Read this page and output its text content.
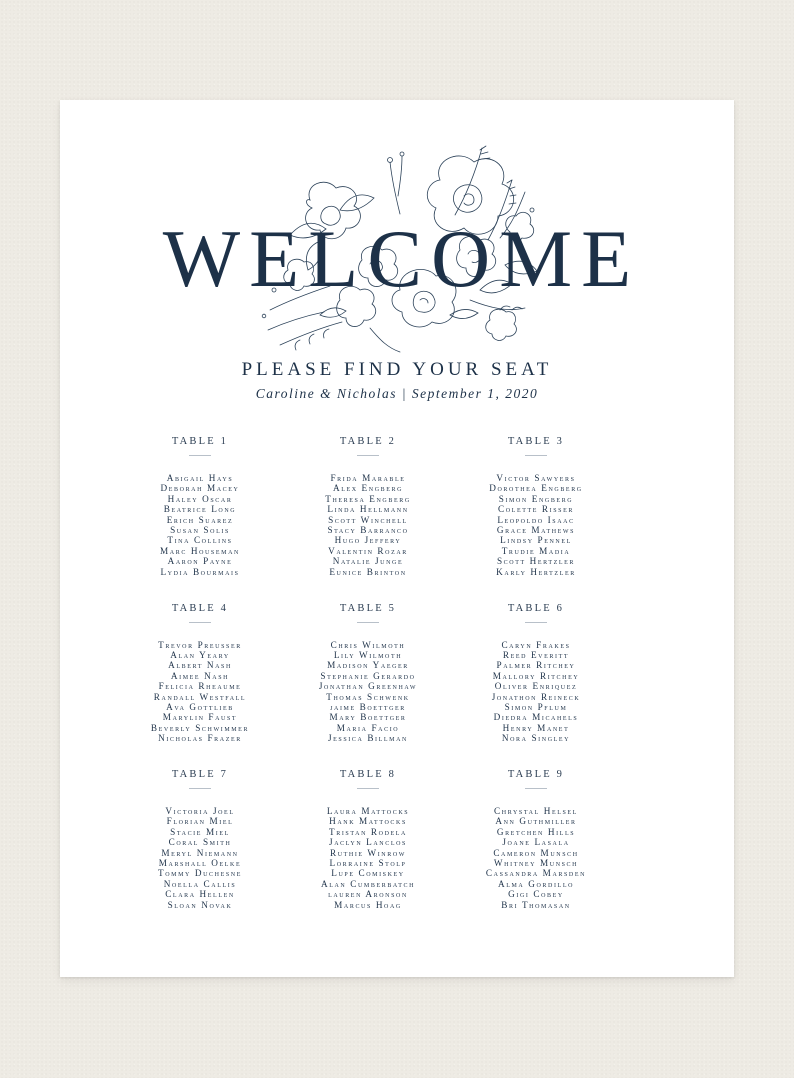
WELCOME
PLEASE FIND YOUR SEAT
Caroline & Nicholas | September 1, 2020
TABLE 1
Abigail Hays
Deborah Macey
Haley Oscar
Beatrice Long
Erich Suarez
Susan Solis
Tina Collins
Marc Houseman
Aaron Payne
Lydia Bourmais
TABLE 2
Frida Marable
Alex Engberg
Theresa Engberg
Linda Hellmann
Scott Winchell
Stacy Barranco
Hugo Jeffery
Valentin Rozar
Natalie Junge
Eunice Brinton
TABLE 3
Victor Sawyers
Dorothea Engberg
Simon Engberg
Colette Risser
Leopoldo Isaac
Grace Mathews
Lindsy Pennel
Trudie Madia
Scott Hertzler
Karly Hertzler
TABLE 4
Trevor Preusser
Alan Yeary
Albert Nash
Aimee Nash
Felicia Rheaume
Randall Westfall
Ava Gottlieb
Marylin Faust
Beverly Schwimmer
Nicholas Frazer
TABLE 5
Chris Wilmoth
Lily Wilmoth
Madison Yaeger
Stephanie Gerardo
Jonathan Greenhaw
Thomas Schwenk
jaime Boettger
Mary Boettger
Maria Facio
Jessica Billman
TABLE 6
Caryn Frakes
Reed Everitt
Palmer Ritchey
Mallory Ritchey
Oliver Enriquez
Jonathon Reineck
Simon Pflum
Diedra Micahels
Henry Manet
Nora Singley
TABLE 7
Victoria Joel
Florian Miel
Stacie Miel
Coral Smith
Meryl Niemann
Marshall Oelke
Tommy Duchesne
Noella Callis
Clara Hellen
Sloan Novak
TABLE 8
Laura Mattocks
Hank Mattocks
Tristan Rodela
Jaclyn Lanclos
Ruthie Winrow
Lorraine Stolp
Lupe Comiskey
Alan Cumberbatch
lauren Aronson
Marcus Hoag
TABLE 9
Chrystal Helsel
Ann Guthmiller
Gretchen Hills
Joane Lasala
Cameron Munsch
Whitney Munsch
Cassandra Marsden
Alma Gordillo
Gigi Cobey
Bri Thomasan
